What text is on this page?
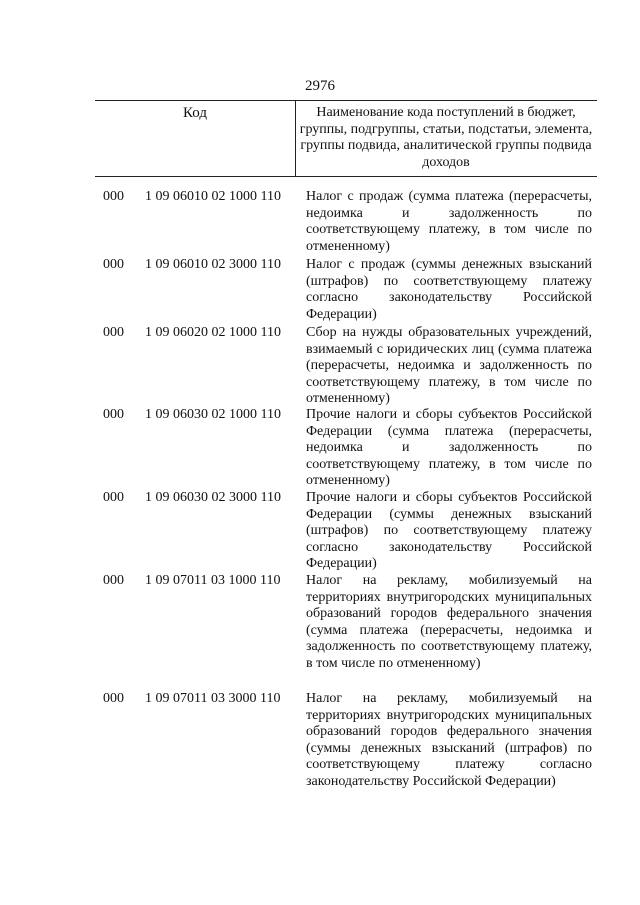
2976
Код	Наименование кода поступлений в бюджет, группы, подгруппы, статьи, подстатьи, элемента, группы подвида, аналитической группы подвида доходов
000 1 09 06010 02 1000 110 Налог с продаж (сумма платежа (перерасчеты, недоимка и задолженность по соответствующему платежу, в том числе по отмененному)
000 1 09 06010 02 3000 110 Налог с продаж (суммы денежных взысканий (штрафов) по соответствующему платежу согласно законодательству Российской Федерации)
000 1 09 06020 02 1000 110 Сбор на нужды образовательных учреждений, взимаемый с юридических лиц (сумма платежа (перерасчеты, недоимка и задолженность по соответствующему платежу, в том числе по отмененному)
000 1 09 06030 02 1000 110 Прочие налоги и сборы субъектов Российской Федерации (сумма платежа (перерасчеты, недоимка и задолженность по соответствующему платежу, в том числе по отмененному)
000 1 09 06030 02 3000 110 Прочие налоги и сборы субъектов Российской Федерации (суммы денежных взысканий (штрафов) по соответствующему платежу согласно законодательству Российской Федерации)
000 1 09 07011 03 1000 110 Налог на рекламу, мобилизуемый на территориях внутригородских муниципальных образований городов федерального значения (сумма платежа (перерасчеты, недоимка и задолженность по соответствующему платежу, в том числе по отмененному)
000 1 09 07011 03 3000 110 Налог на рекламу, мобилизуемый на территориях внутригородских муниципальных образований городов федерального значения (суммы денежных взысканий (штрафов) по соответствующему платежу согласно законодательству Российской Федерации)
